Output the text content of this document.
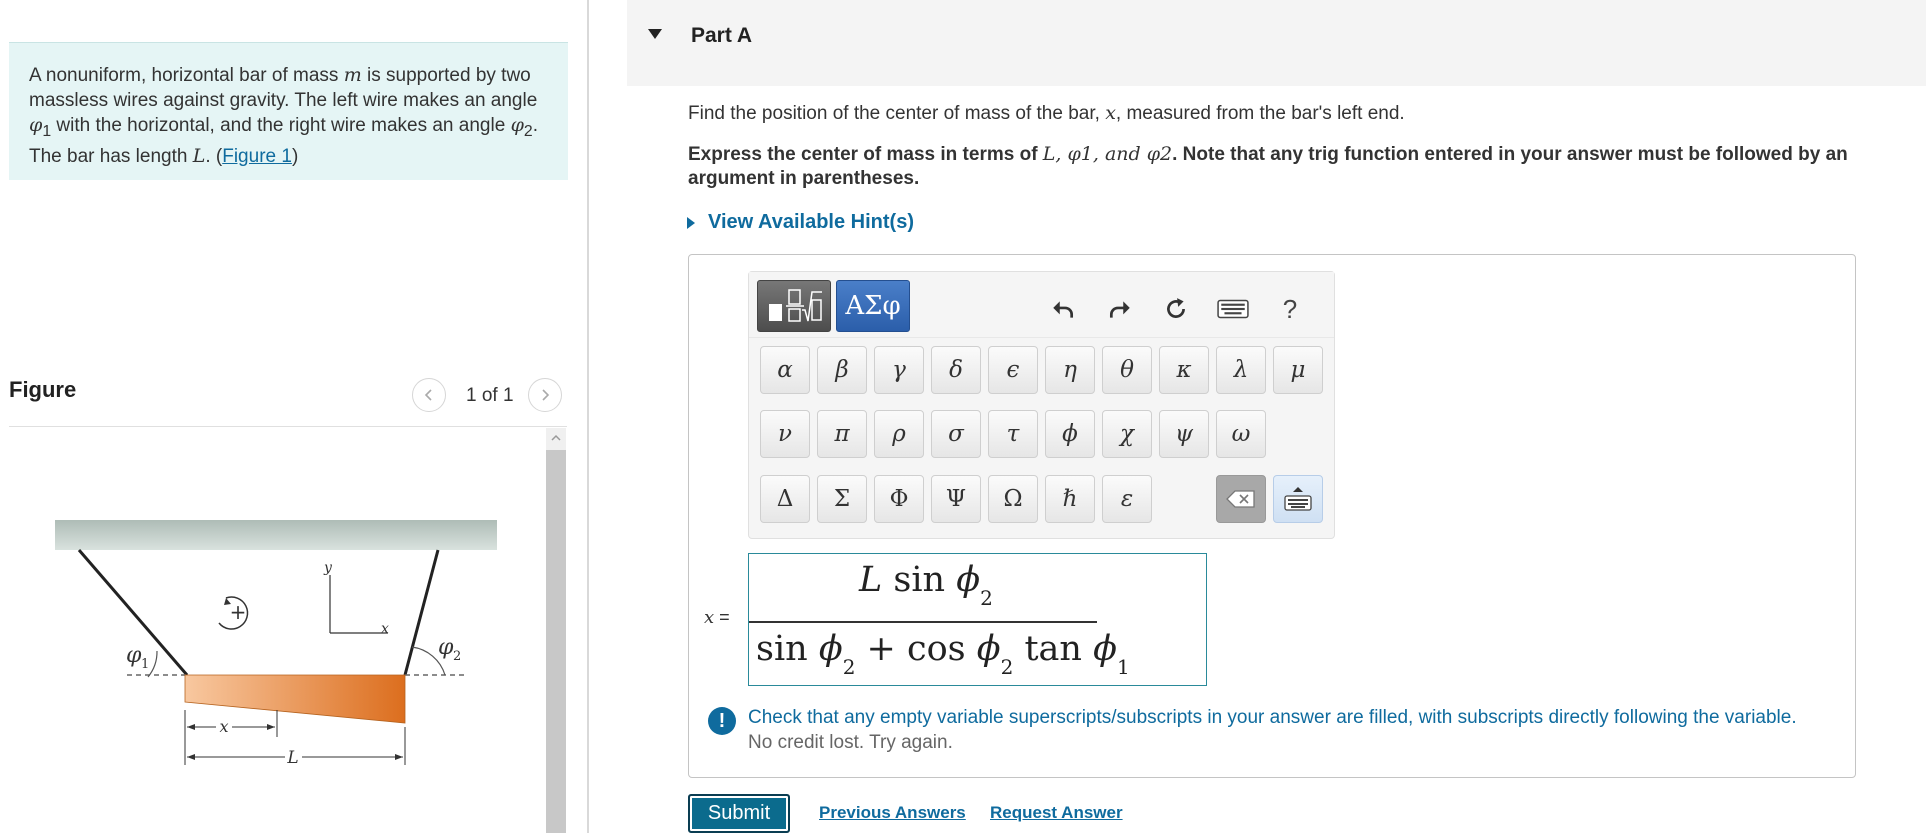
A nonuniform, horizontal bar of mass m is supported by two massless wires against gravity. The left wire makes an angle $\varphi_1$ with the horizontal, and the right wire makes an angle $\varphi_2$. The bar has length L. (Figure 1)
Figure	1 of 1
φ 1
φ 2
+
y
x
x
L
Part A
Find the position of the center of mass of the bar, x, measured from the bar's left end.
Express the center of mass in terms of L, φ1, and φ2. Note that any trig function entered in your answer must be followed by an argument in parentheses.
View Available Hint(s)
ΑΣφ	?
α	β	γ	δ	ϵ	η	θ	κ	λ	μ
ν	π	ρ	σ	τ	ϕ	χ	ψ	ω
Δ	Σ	Φ	Ψ	Ω	ℏ	ε
x =
L $\sin \phi_2$
$\sin \phi_2 + \cos \phi_2$ $\tan \phi_1$
!	Check that any empty variable superscripts/subscripts in your answer are filled, with subscripts directly following the variable.
No credit lost. Try again.
Submit	Previous Answers Request Answer
